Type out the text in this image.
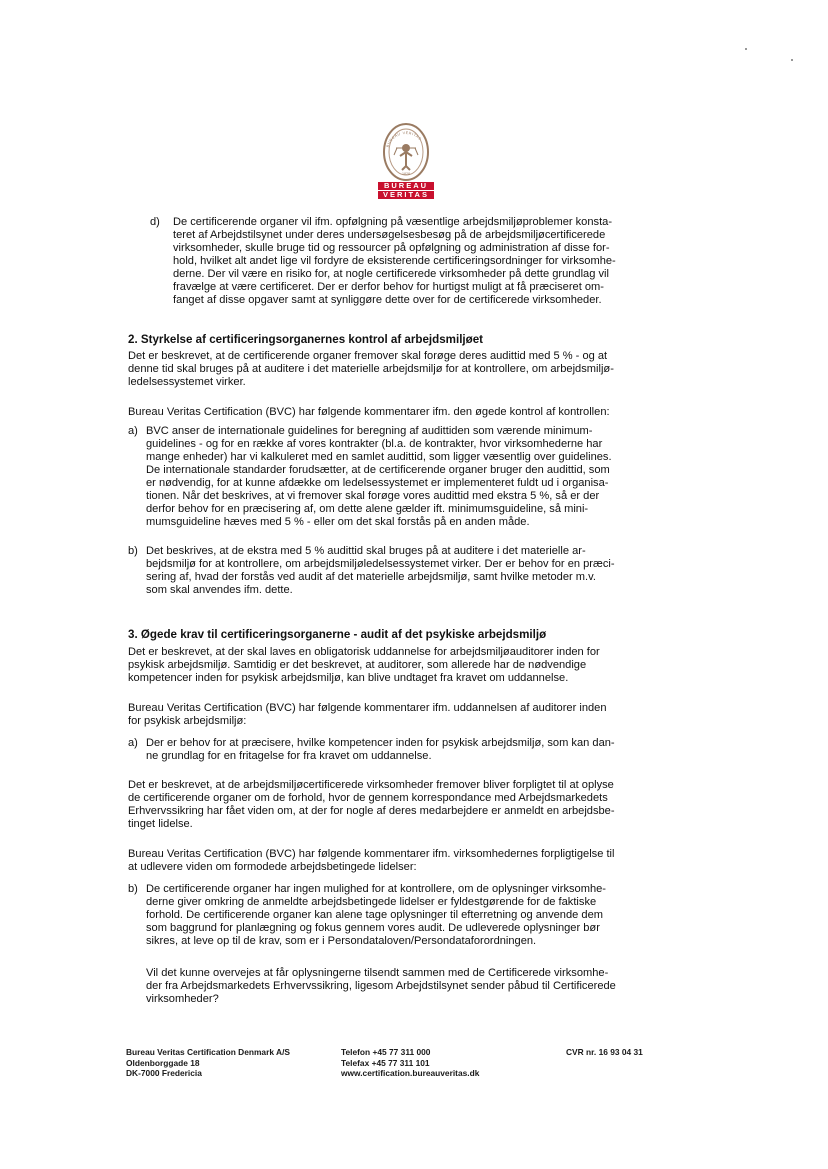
BUREAU VERITAS
1828
BUREAU
VERITAS
d) De certificerende organer vil ifm. opfølgning på væsentlige arbejdsmiljøproblemer konsta-

teret af Arbejdstilsynet under deres undersøgelsesbesøg på de arbejdsmiljøcertificerede

virksomheder, skulle bruge tid og ressourcer på opfølgning og administration af disse for-

hold, hvilket alt andet lige vil fordyre de eksisterende certificeringsordninger for virksomhe-

derne. Der vil være en risiko for, at nogle certificerede virksomheder på dette grundlag vil

fravælge at være certificeret. Der er derfor behov for hurtigst muligt at få præciseret om-

fanget af disse opgaver samt at synliggøre dette over for de certificerede virksomheder.

2. Styrkelse af certificeringsorganernes kontrol af arbejdsmiljøet

Det er beskrevet, at de certificerende organer fremover skal forøge deres audittid med 5 % - og at

denne tid skal bruges på at auditere i det materielle arbejdsmiljø for at kontrollere, om arbejdsmiljø-

ledelsessystemet virker.

Bureau Veritas Certification (BVC) har følgende kommentarer ifm. den øgede kontrol af kontrollen:
a) BVC anser de internationale guidelines for beregning af audittiden som værende minimum-

guidelines - og for en række af vores kontrakter (bl.a. de kontrakter, hvor virksomhederne har

mange enheder) har vi kalkuleret med en samlet audittid, som ligger væsentlig over guidelines.

De internationale standarder forudsætter, at de certificerende organer bruger den audittid, som

er nødvendig, for at kunne afdække om ledelsessystemet er implementeret fuldt ud i organisa-

tionen. Når det beskrives, at vi fremover skal forøge vores audittid med ekstra 5 %, så er der

derfor behov for en præcisering af, om dette alene gælder ift. minimumsguideline, så mini-

mumsguideline hæves med 5 % - eller om det skal forstås på en anden måde.

b) Det beskrives, at de ekstra med 5 % audittid skal bruges på at auditere i det materielle ar-

bejdsmiljø for at kontrollere, om arbejdsmiljøledelsessystemet virker. Der er behov for en præci-

sering af, hvad der forstås ved audit af det materielle arbejdsmiljø, samt hvilke metoder m.v.

som skal anvendes ifm. dette.

3. Øgede krav til certificeringsorganerne - audit af det psykiske arbejdsmiljø

Det er beskrevet, at der skal laves en obligatorisk uddannelse for arbejdsmiljøauditorer inden for

psykisk arbejdsmiljø. Samtidig er det beskrevet, at auditorer, som allerede har de nødvendige

kompetencer inden for psykisk arbejdsmiljø, kan blive undtaget fra kravet om uddannelse.

Bureau Veritas Certification (BVC) har følgende kommentarer ifm. uddannelsen af auditorer inden

for psykisk arbejdsmiljø:

a) Der er behov for at præcisere, hvilke kompetencer inden for psykisk arbejdsmiljø, som kan dan-

ne grundlag for en fritagelse for fra kravet om uddannelse.

Det er beskrevet, at de arbejdsmiljøcertificerede virksomheder fremover bliver forpligtet til at oplyse

de certificerende organer om de forhold, hvor de gennem korrespondance med Arbejdsmarkedets

Erhvervssikring har fået viden om, at der for nogle af deres medarbejdere er anmeldt en arbejdsbe-

tinget lidelse.

Bureau Veritas Certification (BVC) har følgende kommentarer ifm. virksomhedernes forpligtigelse til

at udlevere viden om formodede arbejdsbetingede lidelser:

b) De certificerende organer har ingen mulighed for at kontrollere, om de oplysninger virksomhe-

derne giver omkring de anmeldte arbejdsbetingede lidelser er fyldestgørende for de faktiske

forhold. De certificerende organer kan alene tage oplysninger til efterretning og anvende dem

som baggrund for planlægning og fokus gennem vores audit. De udleverede oplysninger bør

sikres, at leve op til de krav, som er i Persondataloven/Persondataforordningen.

Vil det kunne overvejes at får oplysningerne tilsendt sammen med de Certificerede virksomhe-

der fra Arbejdsmarkedets Erhvervssikring, ligesom Arbejdstilsynet sender påbud til Certificerede

virksomheder?

Bureau Veritas Certification Denmark A/S

Oldenborggade 18

DK-7000 Fredericia

Telefon +45 77 311 000

Telefax +45 77 311 101

www.certification.bureauveritas.dk

CVR nr. 16 93 04 31
